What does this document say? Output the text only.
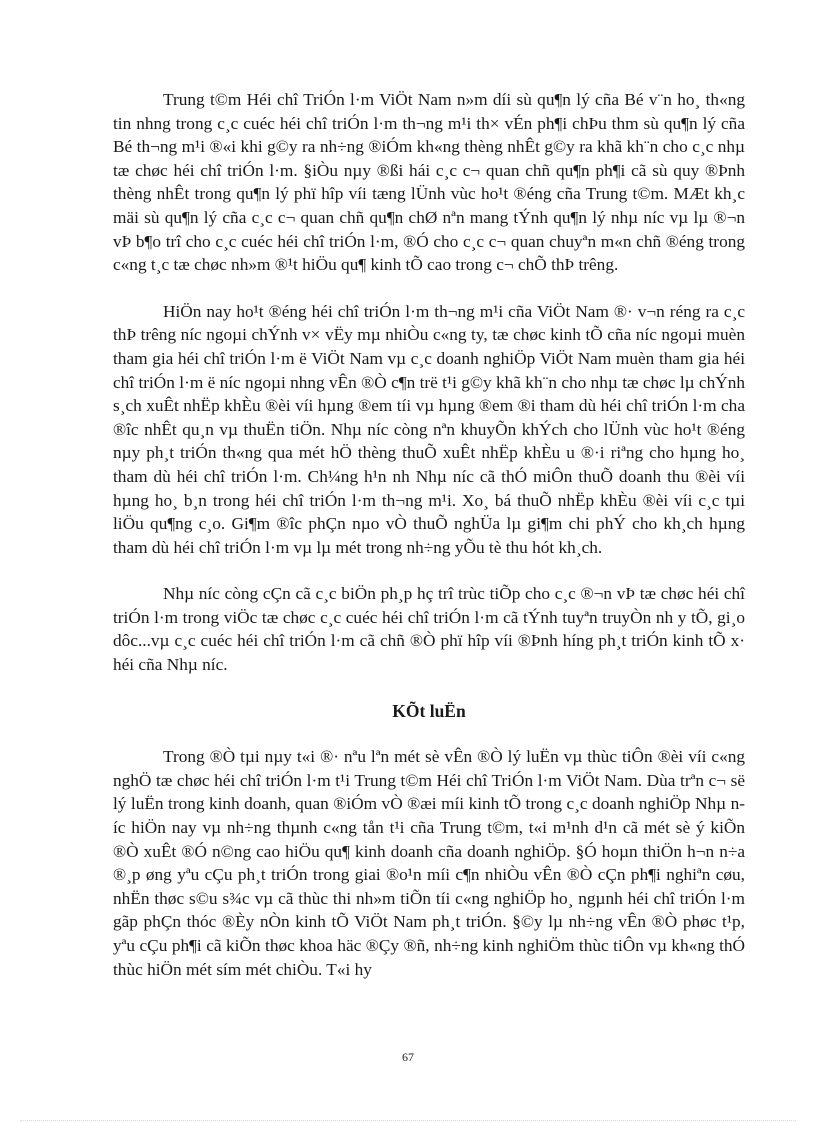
Trung t©m Héi chî TriÓn l·m ViÖt Nam n»m díi sù qu¶n lý cña Bé v¨n ho¸ th«ng tin nhng trong c¸c cuéc héi chî triÓn l·m th¬ng m¹i th× vÉn ph¶i chÞu thm sù qu¶n lý cña Bé th¬ng m¹i ®«i khi g©y ra nh÷ng ®iÓm kh«ng thèng nhÊt g©y ra khã kh¨n cho c¸c nhµ tæ chøc héi chî triÓn l·m. §iÒu nµy ®ßi hái c¸c c¬ quan chñ qu¶n ph¶i cã sù quy ®Þnh thèng nhÊt trong qu¶n lý phï hîp víi tæng lÜnh vùc ho¹t ®éng cña Trung t©m. MÆt kh¸c mäi sù qu¶n lý cña c¸c c¬ quan chñ qu¶n chØ nªn mang tÝnh qu¶n lý nhµ níc vµ lµ ®¬n vÞ b¶o trî cho c¸c cuéc héi chî triÓn l·m, ®Ó cho c¸c c¬ quan chuyªn m«n chñ ®éng trong c«ng t¸c tæ chøc nh»m ®¹t hiÖu qu¶ kinh tÕ cao trong c¬ chÕ thÞ trêng.

HiÖn nay ho¹t ®éng héi chî triÓn l·m th¬ng m¹i cña ViÖt Nam ®· v¬n réng ra c¸c thÞ trêng níc ngoµi chÝnh v× vËy mµ nhiÒu c«ng ty, tæ chøc kinh tÕ cña níc ngoµi muèn tham gia héi chî triÓn l·m ë ViÖt Nam vµ c¸c doanh nghiÖp ViÖt Nam muèn tham gia héi chî triÓn l·m ë níc ngoµi nhng vÊn ®Ò c¶n trë t¹i g©y khã kh¨n cho nhµ tæ chøc lµ chÝnh s¸ch xuÊt nhËp khÈu ®èi víi hµng ®em tíi vµ hµng ®em ®i tham dù héi chî triÓn l·m cha ®îc nhÊt qu¸n vµ thuËn tiÖn. Nhµ níc còng nªn khuyÕn khÝch cho lÜnh vùc ho¹t ®éng nµy ph¸t triÓn th«ng qua mét hÖ thèng thuÕ xuÊt nhËp khÈu u ®·i riªng cho hµng ho¸ tham dù héi chî triÓn l·m. Ch¼ng h¹n nh Nhµ níc cã thÓ miÔn thuÕ doanh thu ®èi víi hµng ho¸ b¸n trong héi chî triÓn l·m th¬ng m¹i. Xo¸ bá thuÕ nhËp khÈu ®èi víi c¸c tµi liÖu qu¶ng c¸o. Gi¶m ®îc phÇn nµo vÒ thuÕ nghÜa lµ gi¶m chi phÝ cho kh¸ch hµng tham dù héi chî triÓn l·m vµ lµ mét trong nh÷ng yÕu tè thu hót kh¸ch.

Nhµ níc còng cÇn cã c¸c biÖn ph¸p hç trî trùc tiÕp cho c¸c ®¬n vÞ tæ chøc héi chî triÓn l·m trong viÖc tæ chøc c¸c cuéc héi chî triÓn l·m cã tÝnh tuyªn truyÒn nh y tÕ, gi¸o dôc...vµ c¸c cuéc héi chî triÓn l·m cã chñ ®Ò phï hîp víi ®Þnh híng ph¸t triÓn kinh tÕ x· héi cña Nhµ níc.

KÕt luËn

Trong ®Ò tµi nµy t«i ®· nªu lªn mét sè vÊn ®Ò lý luËn vµ thùc tiÔn ®èi víi c«ng nghÖ tæ chøc héi chî triÓn l·m t¹i Trung t©m Héi chî TriÓn l·m ViÖt Nam. Dùa trªn c¬ së lý luËn trong kinh doanh, quan ®iÓm vÒ ®æi míi kinh tÕ trong c¸c doanh nghiÖp Nhµ níc hiÖn nay vµ nh÷ng thµnh c«ng tån t¹i cña Trung t©m, t«i m¹nh d¹n cã mét sè ý kiÕn ®Ò xuÊt ®Ó n©ng cao hiÖu qu¶ kinh doanh cña doanh nghiÖp. §Ó hoµn thiÖn h¬n n÷a ®¸p øng yªu cÇu ph¸t triÓn trong giai ®o¹n míi c¶n nhiÒu vÊn ®Ò cÇn ph¶i nghiªn cøu, nhËn thøc s©u s¾c vµ cã thùc thi nh»m tiÕn tíi c«ng nghiÖp ho¸ ngµnh héi chî triÓn l·m gãp phÇn thóc ®Èy nÒn kinh tÕ ViÖt Nam ph¸t triÓn. §©y lµ nh÷ng vÊn ®Ò phøc t¹p, yªu cÇu ph¶i cã kiÕn thøc khoa häc ®Çy ®ñ, nh÷ng kinh nghiÖm thùc tiÔn vµ kh«ng thÓ thùc hiÖn mét sím mét chiÒu. T«i hy

67
